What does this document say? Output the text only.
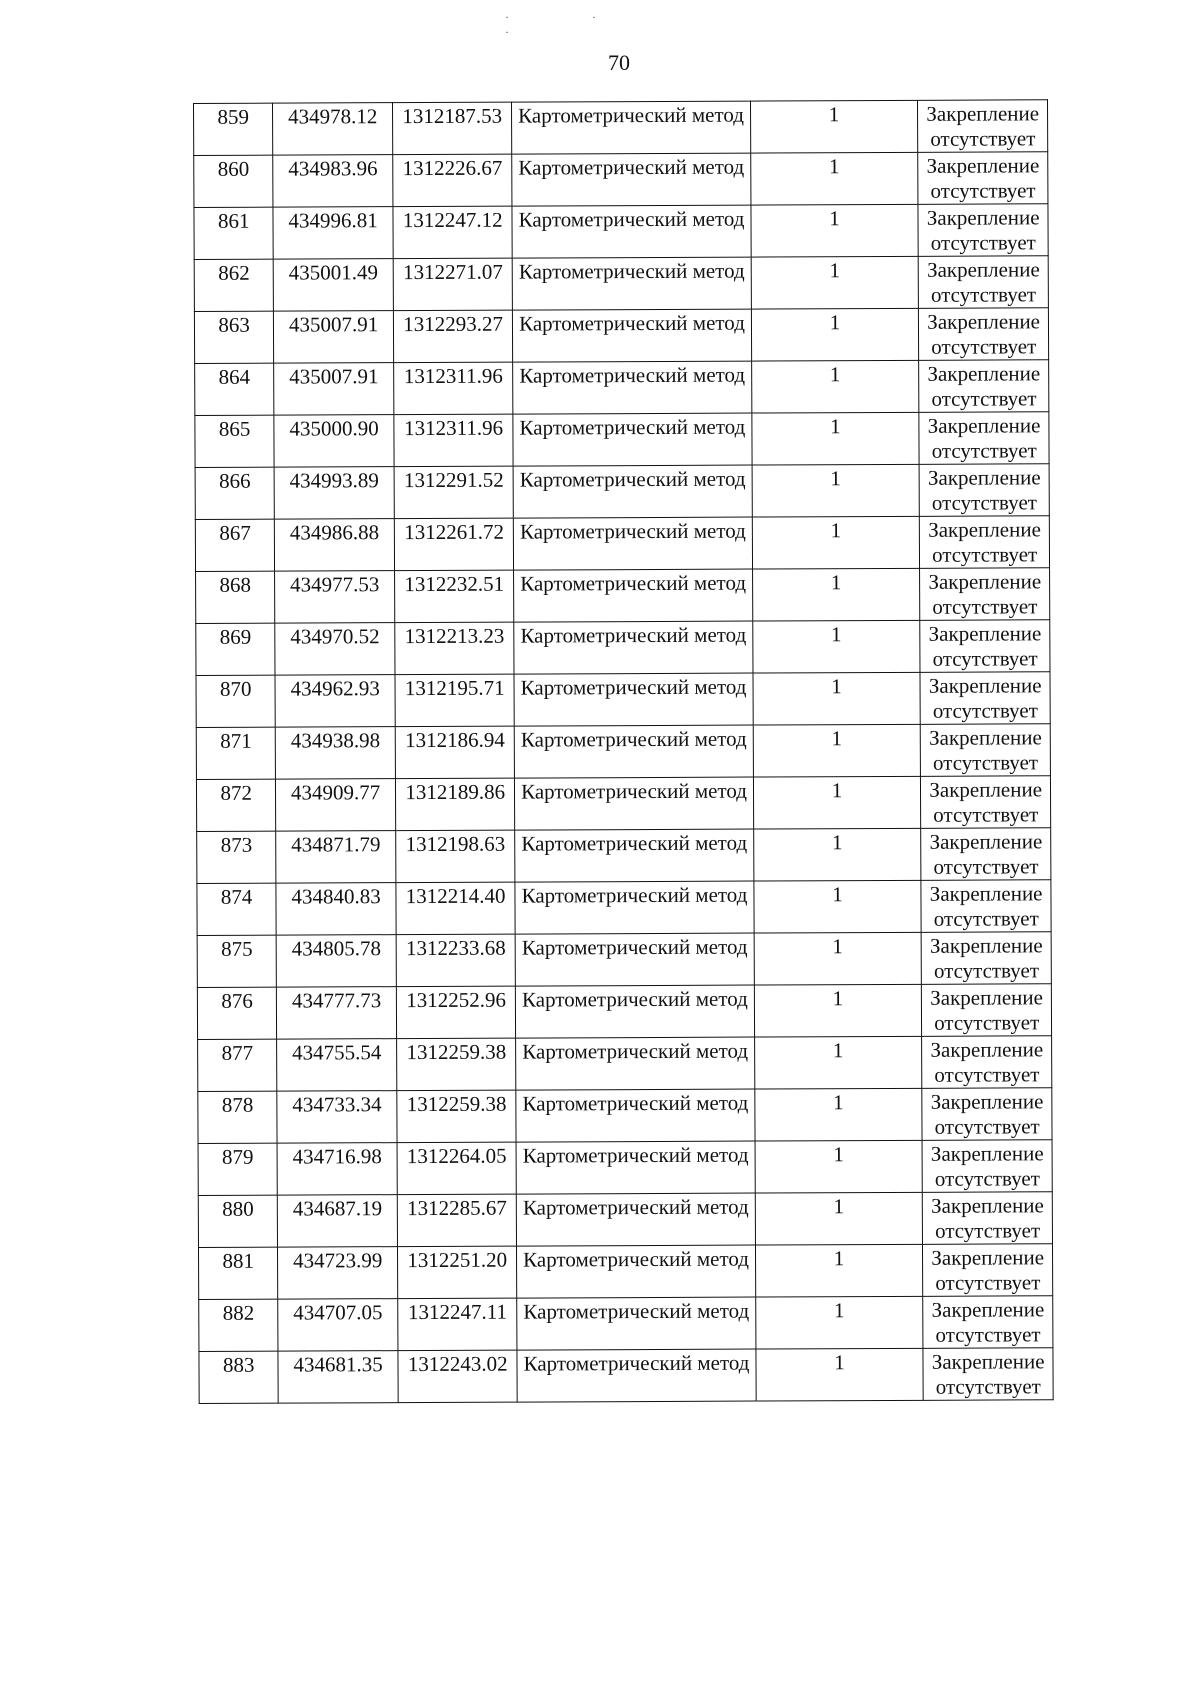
· · ·
70
859	434978.12	1312187.53	Картометрический метод	1	Закрепление отсутствует
860	434983.96	1312226.67	Картометрический метод	1	Закрепление отсутствует
861	434996.81	1312247.12	Картометрический метод	1	Закрепление отсутствует
862	435001.49	1312271.07	Картометрический метод	1	Закрепление отсутствует
863	435007.91	1312293.27	Картометрический метод	1	Закрепление отсутствует
864	435007.91	1312311.96	Картометрический метод	1	Закрепление отсутствует
865	435000.90	1312311.96	Картометрический метод	1	Закрепление отсутствует
866	434993.89	1312291.52	Картометрический метод	1	Закрепление отсутствует
867	434986.88	1312261.72	Картометрический метод	1	Закрепление отсутствует
868	434977.53	1312232.51	Картометрический метод	1	Закрепление отсутствует
869	434970.52	1312213.23	Картометрический метод	1	Закрепление отсутствует
870	434962.93	1312195.71	Картометрический метод	1	Закрепление отсутствует
871	434938.98	1312186.94	Картометрический метод	1	Закрепление отсутствует
872	434909.77	1312189.86	Картометрический метод	1	Закрепление отсутствует
873	434871.79	1312198.63	Картометрический метод	1	Закрепление отсутствует
874	434840.83	1312214.40	Картометрический метод	1	Закрепление отсутствует
875	434805.78	1312233.68	Картометрический метод	1	Закрепление отсутствует
876	434777.73	1312252.96	Картометрический метод	1	Закрепление отсутствует
877	434755.54	1312259.38	Картометрический метод	1	Закрепление отсутствует
878	434733.34	1312259.38	Картометрический метод	1	Закрепление отсутствует
879	434716.98	1312264.05	Картометрический метод	1	Закрепление отсутствует
880	434687.19	1312285.67	Картометрический метод	1	Закрепление отсутствует
881	434723.99	1312251.20	Картометрический метод	1	Закрепление отсутствует
882	434707.05	1312247.11	Картометрический метод	1	Закрепление отсутствует
883	434681.35	1312243.02	Картометрический метод	1	Закрепление отсутствует
